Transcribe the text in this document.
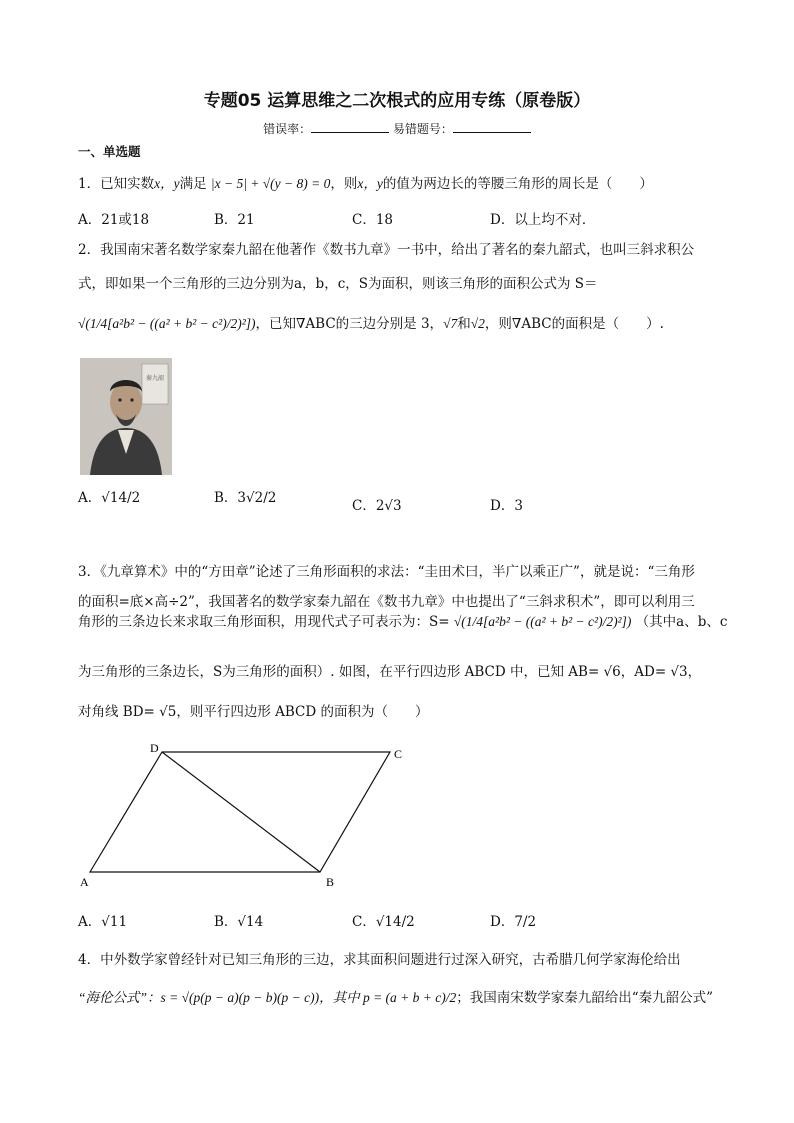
专题05 运算思维之二次根式的应用专练（原卷版）
错误率：	易错题号：
一、单选题
1．已知实数x，y满足 |x − 5| + √(y − 8) = 0，则x，y的值为两边长的等腰三角形的周长是（　　）
A．21或18	B．21	C．18	D．以上均不对．
2．我国南宋著名数学家秦九韶在他著作《数书九章》一书中，给出了著名的秦九韶式，也叫三斜求积公
式，即如果一个三角形的三边分别为a，b，c，S为面积，则该三角形的面积公式为 S＝
√(1/4[a²b² − ((a² + b² − c²)/2)²])，已知∇ABC的三边分别是 3，√7和√2，则∇ABC的面积是（　　）.
秦九韶
A．√14/2	B．3√2/2	C．2√3	D．3
3．《九章算术》中的“方田章”论述了三角形面积的求法：“圭田术曰，半广以乘正广”，就是说：“三角形
的面积=底×高÷2”，我国著名的数学家秦九韶在《数书九章》中也提出了“三斜求积术”，即可以利用三
角形的三条边长来求取三角形面积，用现代式子可表示为：S= √(1/4[a²b² − ((a² + b² − c²)/2)²]) （其中a、b、c
为三角形的三条边长，S为三角形的面积）. 如图，在平行四边形 ABCD 中，已知 AB= √6，AD= √3，
对角线 BD= √5，则平行四边形 ABCD 的面积为（　　）
A	B
C
D
A．√11	B．√14	C．√14/2	D．7/2
4．中外数学家曾经针对已知三角形的三边，求其面积问题进行过深入研究，古希腊几何学家海伦给出
“海伦公式”：s = √(p(p − a)(p − b)(p − c))，其中 p = (a + b + c)/2；我国南宋数学家秦九韶给出“秦九韶公式”
